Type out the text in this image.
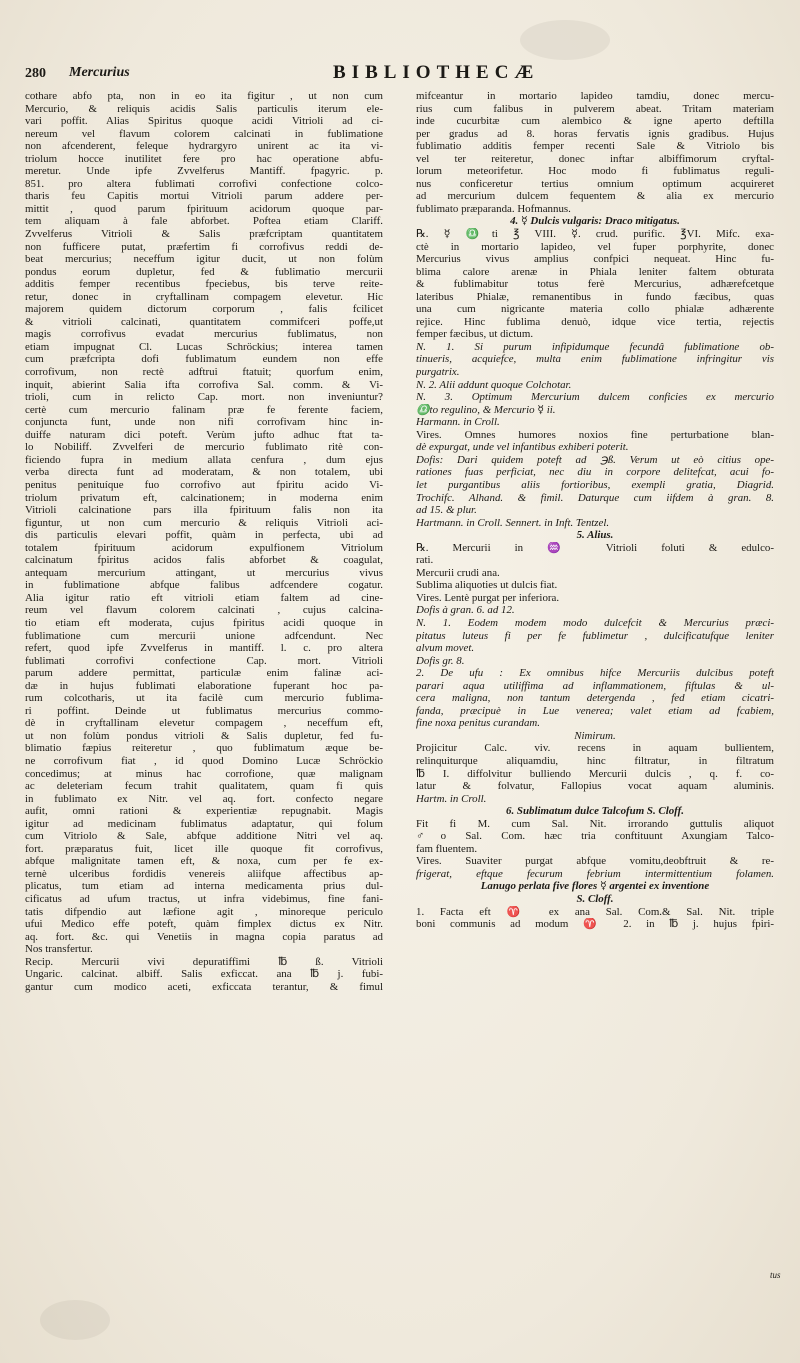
280 Mercurius	BIBLIOTHECÆ
cothare abfo pta, non in eo ita figitur , ut non cum
Mercurio, & reliquis acidis Salis particulis iterum ele-
vari poffit. Alias Spiritus quoque acidi Vitrioli ad ci-
nereum vel flavum colorem calcinati in fublimatione
non afcenderent, feleque hydrargyro unirent ac ita vi-
triolum hocce inutilitet fere pro hac operatione abfu-
meretur. Unde ipfe Zvvelferus Mantiff. fpagyric. p.
851. pro altera fublimati corrofivi confectione colco-
tharis feu Capitis mortui Vitrioli parum addere per-
mittit , quod parum fpirituum acidorum quoque par-
tem aliquam à fale abforbet. Poftea etiam Clariff.
Zvvelferus Vitrioli & Salis præfcriptam quantitatem
non fufficere putat, præfertim fi corrofivus reddi de-
beat mercurius; neceffum igitur ducit, ut non folùm
pondus eorum dupletur, fed & fublimatio mercurii
additis femper recentibus fpeciebus, bis terve reite-
retur, donec in cryftallinam compagem elevetur. Hic
majorem quidem dictorum corporum , falis fcilicet
& vitrioli calcinati, quantitatem commifceri poffe,ut
magis corrofivus evadat mercurius fublimatus, non
etiam impugnat Cl. Lucas Schröckius; interea tamen
cum præfcripta dofi fublimatum eundem non effe
corrofivum, non rectè adftrui ftatuit; quorfum enim,
inquit, abierint Salia ifta corrofiva Sal. comm. & Vi-
trioli, cum in relicto Cap. mort. non inveniuntur?
certè cum mercurio falinam præ fe ferente faciem,
conjuncta funt, unde non nifi corrofivam hinc in-
duiffe naturam dici poteft. Verùm jufto adhuc ftat ta-
lo Nobiliff. Zvvelferi de mercurio fublimato ritè con-
ficiendo fupra in medium allata cenfura , dum ejus
verba directa funt ad moderatam, & non totalem, ubi
penitus penituíque fuo corrofivo aut fpiritu acido Vi-
triolum privatum eft, calcinationem; in moderna enim
Vitrioli calcinatione pars illa fpirituum falis non ita
figuntur, ut non cum mercurio & reliquis Vitrioli aci-
dis particulis elevari poffit, quàm in perfecta, ubi ad
totalem fpirituum acidorum expulfionem Vitriolum
calcinatum fpiritus acidos falis abforbet & coagulat,
antequam mercurium attingant, ut mercurius vivus
in fublimatione abfque falibus adfcendere cogatur.
Alia igitur ratio eft vitrioli etiam faltem ad cine-
reum vel flavum colorem calcinati , cujus calcina-
tio etiam eft moderata, cujus fpiritus acidi quoque in
fublimatione cum mercurii unione adfcendunt. Nec
refert, quod ipfe Zvvelferus in mantiff. l. c. pro altera
fublimati corrofivi confectione Cap. mort. Vitrioli
parum addere permittat, particulæ enim falinæ aci-
dæ in hujus fublimati elaboratione fuperant hoc pa-
rum colcotharis, ut ita facilè cum mercurio fublima-
ri poffint. Deinde ut fublimatus mercurius commo-
dè in cryftallinam elevetur compagem , neceffum eft,
ut non folùm pondus vitrioli & Salis dupletur, fed fu-
blimatio fæpius reiteretur , quo fublimatum æque be-
ne corrofivum fiat , id quod Domino Lucæ Schröckio
concedimus; at minus hac corrofione, quæ malignam
ac deleteriam fecum trahit qualitatem, quam fi quis
in fublimato ex Nitr. vel aq. fort. confecto negare
aufit, omni rationi & experientiæ repugnabit. Magis
igitur ad medicinam fublimatus adaptatur, qui folum
cum Vitriolo & Sale, abfque additione Nitri vel aq.
fort. præparatus fuit, licet ille quoque fit corrofivus,
abfque malignitate tamen eft, & noxa, cum per fe ex-
ternè ulceribus fordidis venereis aliifque affectibus ap-
plicatus, tum etiam ad interna medicamenta prius dul-
cificatus ad ufum tractus, ut infra videbimus, fine fani-
tatis difpendio aut læfione agit , minoreque periculo
ufui Medico effe poteft, quàm fimplex dictus ex Nitr.
aq. fort. &c. qui Venetiis in magna copia paratus ad
Nos transfertur.
Recip. Mercurii vivi depuratiffimi ℔ ß. Vitrioli
Ungaric. calcinat. albiff. Salis exficcat. ana ℔ j. fubi-
gantur cum modico aceti, exficcata terantur, & fimul
mifceantur in mortario lapideo tamdiu, donec mercu-
rius cum falibus in pulverem abeat. Tritam materiam
inde cucurbitæ cum alembico & igne aperto deftilla
per gradus ad 8. horas fervatis ignis gradibus. Hujus
fublimatio additis femper recenti Sale & Vitriolo bis
vel ter reiteretur, donec inftar albiffimorum cryftal-
lorum meteorifetur. Hoc modo fi fublimatus reguli-
nus conficeretur tertius omnium optimum acquireret
ad mercurium dulcem fequentem & alia ex mercurio
fublimato præparanda. Hofmannus.
4. ☿ Dulcis vulgaris: Draco mitigatus.
℞. ☿ ♎ti ℥ VIII. ☿. crud. purific. ℥VI. Mifc. exa-
ctè in mortario lapideo, vel fuper porphyrite, donec
Mercurius vivus amplius confpici nequeat. Hinc fu-
blima calore arenæ in Phiala leniter faltem obturata
& fublimabitur totus ferè Mercurius, adhærefcetque
lateribus Phialæ, remanentibus in fundo fæcibus, quas
una cum nigricante materia collo phialæ adhærente
rejice. Hinc fublima denuò, idque vice tertia, rejectis
femper fæcibus, ut dictum.
N. 1. Si purum infipidumque fecundâ fublimatione ob-
tinueris, acquiefce, multa enim fublimatione infringitur vis
purgatrix.
N. 2. Alii addunt quoque Colchotar.
N. 3. Optimum Mercurium dulcem conficies ex mercurio
♎to regulino, & Mercurio ☿ ii.
Harmann. in Croll.
Vires. Omnes humores noxios fine perturbatione blan-
dè expurgat, unde vel infantibus exhiberi poterit.
Dofis: Dari quidem poteft ad ℈ß. Verum ut eò citius ope-
rationes fuas perficiat, nec diu in corpore delitefcat, acui fo-
let purgantibus aliis fortioribus, exempli gratia, Diagrid.
Trochifc. Alhand. & fimil. Daturque cum iifdem à gran. 8.
ad 15. & plur.
Hartmann. in Croll. Sennert. in Inft. Tentzel.
5. Alius.
℞. Mercurii in ♒ Vitrioli foluti & edulco-
rati.
Mercurii crudi ana.
Sublima aliquoties ut dulcis fiat.
Vires. Lentè purgat per inferiora.
Dofis à gran. 6. ad 12.
N. 1. Eodem modem modo dulcefcit & Mercurius præci-
pitatus luteus fi per fe fublimetur , dulcificatufque leniter
alvum movet.
Dofis gr. 8.
2. De ufu : Ex omnibus hifce Mercuriis dulcibus poteft
parari aqua utiliffima ad inflammationem, fiftulas & ul-
cera maligna, non tantum detergenda , fed etiam cicatri-
fanda, præcipuè in Lue venerea; valet etiam ad fcabiem,
fine noxa penitus curandam.
Nimirum.
Projicitur Calc. viv. recens in aquam bullientem,
relinquiturque aliquamdiu, hinc filtratur, in filtratum
℔ I. diffolvitur bulliendo Mercurii dulcis , q. f. co-
latur & folvatur, Fallopius vocat aquam aluminis.
Hartm. in Croll.
6. Sublimatum dulce Talcofum S. Cloff.
Fit fi M. cum Sal. Nit. irrorando guttulis aliquot
♂o Sal. Com. hæc tria conftituunt Axungiam Talco-
fam fluentem.
Vires. Suaviter purgat abfque vomitu,deobftruit & re-
frigerat, eftque fecurum febrium intermittentium folamen.
Lanugo perlata five flores ☿ argentei ex inventione
S. Cloff.
1. Facta eft ♈ ex ana Sal. Com.& Sal. Nit. triple
boni communis ad modum ♈ 2. in ℔ j. hujus fpiri-
tus
